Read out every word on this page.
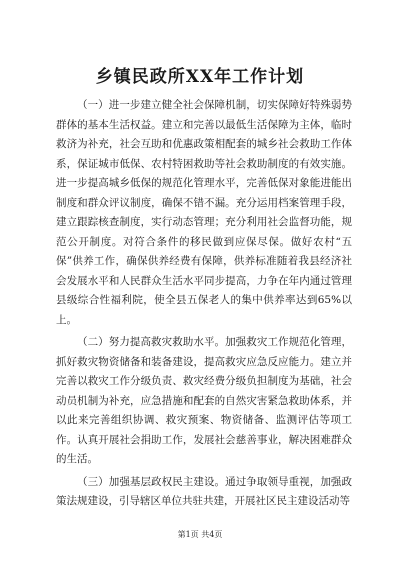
乡镇民政所XX年工作计划

（一）进一步建立健全社会保障机制，切实保障好特殊弱势群体的基本生活权益。建立和完善以最低生活保障为主体，临时救济为补充，社会互助和优惠政策相配套的城乡社会救助工作体系，保证城市低保、农村特困救助等社会救助制度的有效实施。进一步提高城乡低保的规范化管理水平，完善低保对象能进能出制度和群众评议制度，确保不错不漏。充分运用档案管理手段，建立跟踪核查制度，实行动态管理；充分利用社会监督功能，规范公开制度。对符合条件的移民做到应保尽保。做好农村“五保”供养工作，确保供养经费有保障，供养标准随着我县经济社会发展水平和人民群众生活水平同步提高，力争在年内通过管理县级综合性福利院，使全县五保老人的集中供养率达到65%以上。

（二）努力提高救灾救助水平。加强救灾工作规范化管理，抓好救灾物资储备和装备建设，提高救灾应急反应能力。建立并完善以救灾工作分级负责、救灾经费分级负担制度为基础，社会动员机制为补充，应急措施和配套的自然灾害紧急救助体系，并以此来完善组织协调、救灾预案、物资储备、监测评估等项工作。认真开展社会捐助工作，发展社会慈善事业，解决困难群众的生活。

（三）加强基层政权民主建设。通过争取领导重视，加强政策法规建设，引导辖区单位共驻共建，开展社区民主建设活动等

第1页 共4页
